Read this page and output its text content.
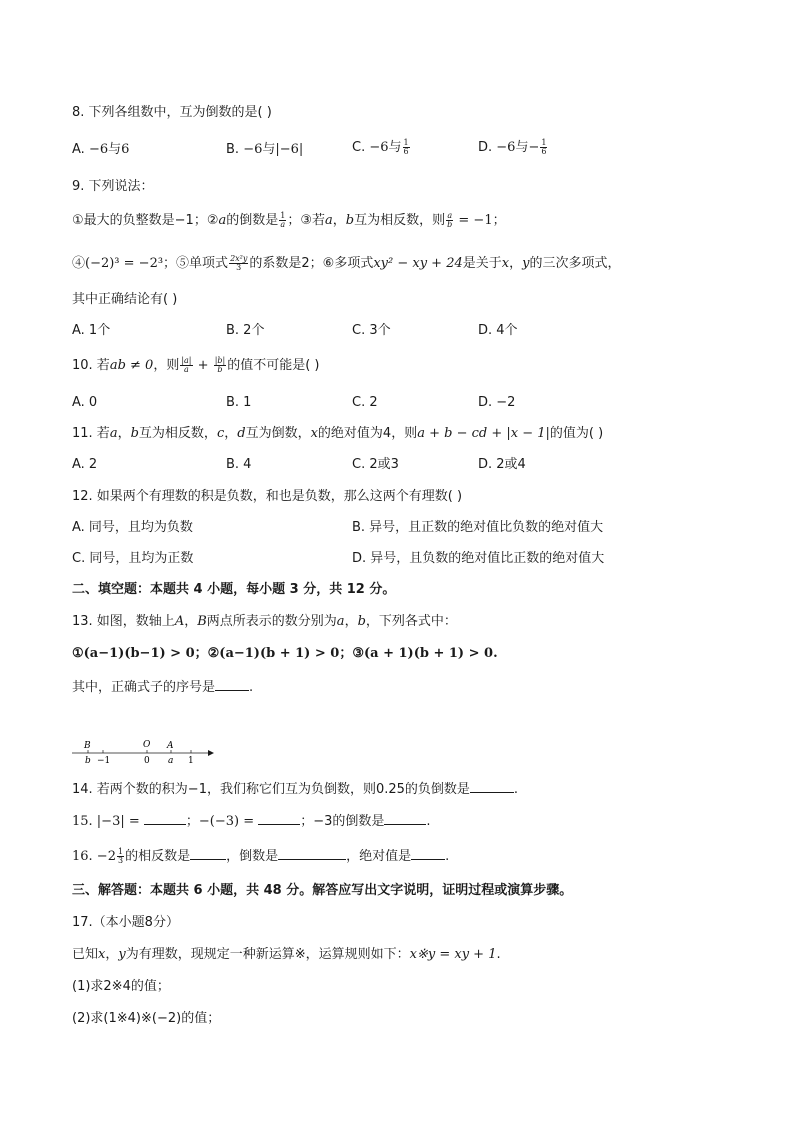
8. 下列各组数中，互为倒数的是( )
A. −6与6	B. −6与|−6|	C. −6与 $\frac{1}{6}$	D. −6与− $\frac{1}{6}$
9. 下列说法：
①最大的负整数是−1；②a的倒数是 $\frac{1}{a}$ ；③若a，b互为相反数，则 $\frac{a}{b} = -1$；
④(−2)³ = −2³；⑤单项式 $\frac{\text{2x²y}}{3}$ 的系数是2；⑥多项式xy² − xy + 24是关于x，y的三次多项式，
其中正确结论有( )
A. 1个	B. 2个	C. 3个	D. 4个
10. 若ab ≠ 0，则 $\frac{|a|}{a} + \frac{|b|}{b}$ 的值不可能是( )
A. 0	B. 1	C. 2	D. −2
11. 若a，b互为相反数，c，d互为倒数，x的绝对值为4，则a + b − cd + |x − 1|的值为( )
A. 2	B. 4	C. 2或3	D. 2或4
12. 如果两个有理数的积是负数，和也是负数，那么这两个有理数( )
A. 同号，且均为负数	B. 异号，且正数的绝对值比负数的绝对值大
C. 同号，且均为正数	D. 异号，且负数的绝对值比正数的绝对值大
二、填空题：本题共 4 小题，每小题 3 分，共 12 分。
13. 如图，数轴上A，B两点所表示的数分别为a，b，下列各式中：
①(a−1)(b−1) > 0；②(a−1)(b + 1) > 0；③(a + 1)(b + 1) > 0.
其中，正确式子的序号是	.
B
b −1
O
0
A
a 1
14. 若两个数的积为−1，我们称它们互为负倒数，则0.25的负倒数是	.
15. |−3| =	；−(−3) =	；−3的倒数是	.
16. $-2 \frac{1}{3}$ 的相反数是	，倒数是	，绝对值是	.
三、解答题：本题共 6 小题，共 48 分。解答应写出文字说明，证明过程或演算步骤。
17.（本小题8分）
已知x，y为有理数，现规定一种新运算※，运算规则如下：x※y = xy + 1.
(1)求2※4的值；
(2)求(1※4)※(−2)的值；
